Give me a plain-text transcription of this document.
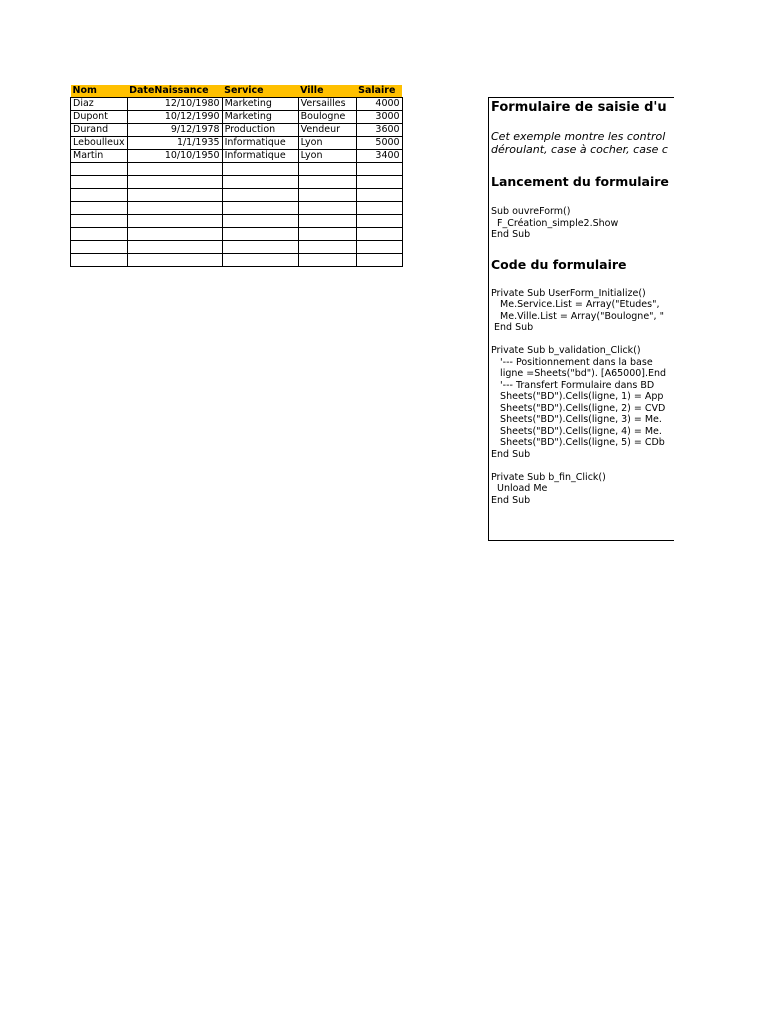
Nom	DateNaissance	Service	Ville	Salaire
Diaz	12/10/1980	Marketing	Versailles	4000
Dupont	10/12/1990	Marketing	Boulogne	3000
Durand	9/12/1978	Production	Vendeur	3600
Leboulleux	1/1/1935	Informatique	Lyon	5000
Martin	10/10/1950	Informatique	Lyon	3400

Formulaire de saisie d'u
Cet exemple montre les control
déroulant, case à cocher, case c
Lancement du formulaire
Sub ouvreForm()
F_Création_simple2.Show
End Sub
Code du formulaire
Private Sub UserForm_Initialize()
Me.Service.List = Array("Etudes",
Me.Ville.List = Array("Boulogne", "
End Sub

Private Sub b_validation_Click()
'--- Positionnement dans la base
ligne =Sheets("bd"). [A65000].End
'--- Transfert Formulaire dans BD
Sheets("BD").Cells(ligne, 1) = App
Sheets("BD").Cells(ligne, 2) = CVD
Sheets("BD").Cells(ligne, 3) = Me.
Sheets("BD").Cells(ligne, 4) = Me.
Sheets("BD").Cells(ligne, 5) = CDb
End Sub

Private Sub b_fin_Click()
Unload Me
End Sub
